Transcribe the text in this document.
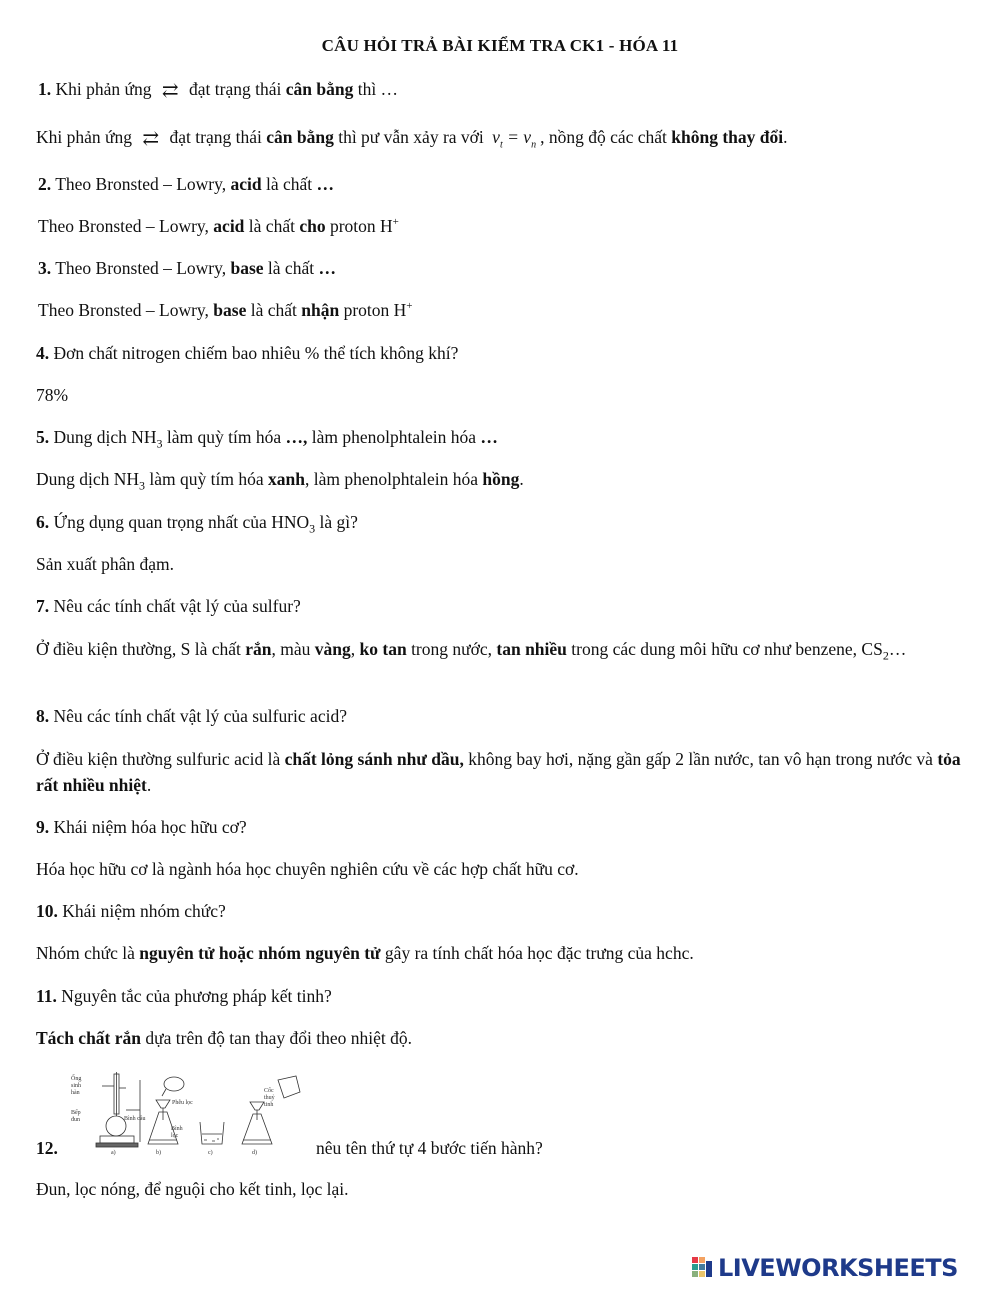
CÂU HỎI TRẢ BÀI KIỂM TRA CK1 - HÓA 11
1. Khi phản ứng ⇄ đạt trạng thái cân bằng thì …
Khi phản ứng ⇄ đạt trạng thái cân bằng thì pư vẫn xảy ra với $v_t = v_n$ , nồng độ các chất không thay đổi.
2. Theo Bronsted – Lowry, acid là chất …
Theo Bronsted – Lowry, acid là chất cho proton H+
3. Theo Bronsted – Lowry, base là chất …
Theo Bronsted – Lowry, base là chất nhận proton H+
4. Đơn chất nitrogen chiếm bao nhiêu % thể tích không khí?
78%
5. Dung dịch $NH_3$ làm quỳ tím hóa …, làm phenolphtalein hóa …
Dung dịch $NH_3$ làm quỳ tím hóa xanh, làm phenolphtalein hóa hồng.
6. Ứng dụng quan trọng nhất của $HNO_3$ là gì?
Sản xuất phân đạm.
7. Nêu các tính chất vật lý của sulfur?
Ở điều kiện thường, S là chất rắn, màu vàng, ko tan trong nước, tan nhiều trong các dung môi hữu cơ như benzene, $CS_2\dots$
8. Nêu các tính chất vật lý của sulfuric acid?
Ở điều kiện thường sulfuric acid là chất lỏng sánh như dầu, không bay hơi, nặng gần gấp 2 lần nước, tan vô hạn trong nước và tỏa rất nhiều nhiệt.
9. Khái niệm hóa học hữu cơ?
Hóa học hữu cơ là ngành hóa học chuyên nghiên cứu về các hợp chất hữu cơ.
10. Khái niệm nhóm chức?
Nhóm chức là nguyên tử hoặc nhóm nguyên tử gây ra tính chất hóa học đặc trưng của hchc.
11. Nguyên tắc của phương pháp kết tinh?
Tách chất rắn dựa trên độ tan thay đổi theo nhiệt độ.
12.
Ống
sinh
hàn
Bếp
đun	Bình cầu
a)
Phễu lọc
Bình
lọc
b)	c)
Cốc
thuỷ
tinh
d)	nêu tên thứ tự 4 bước tiến hành?
Đun, lọc nóng, để nguội cho kết tinh, lọc lại.
LIVEWORKSHEETS
